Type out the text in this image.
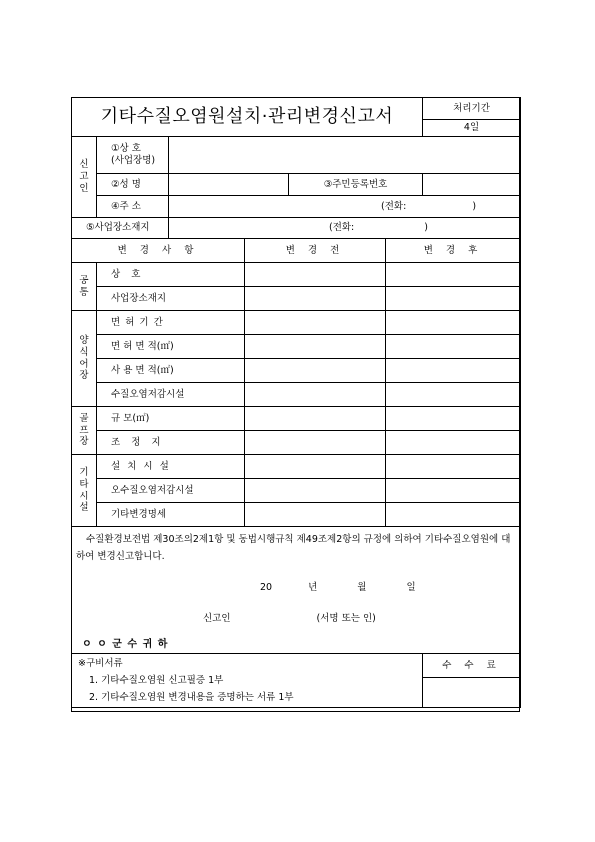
기타수질오염원설치·관리변경신고서						처리기간
						4일
신고인	①상 호
(사업장명)					

	②성 명			③주민등록번호		
	④주 소	(전화: )				
⑤사업장소재지		(전화: )				
변 경 사 항			변 경 전		변 경 후	
공통	상 호					
	사업장소재지					
양식어장	면 허 기 간					
	면 허 면 적(㎡)					
	사 용 면 적(㎡)					
	수질오염저감시설					
골프장	규 모(㎡)					
	조 정 지					
기타시설	설 치 시 설					
	오수질오염저감시설					
	기타변경명세					

수질환경보전법 제30조의2제1항 및 동법시행규칙 제49조제2항의 규정에 의하여 기타수질오염원에 대하여 변경신고합니다.
20 년 월 일
신고인 (서명 또는 인)
ㅇ ㅇ 군 수 귀 하						

※구비서류
1. 기타수질오염원 신고필증 1부
2. 기타수질오염원 변경내용을 증명하는 서류 1부						수 수 료
